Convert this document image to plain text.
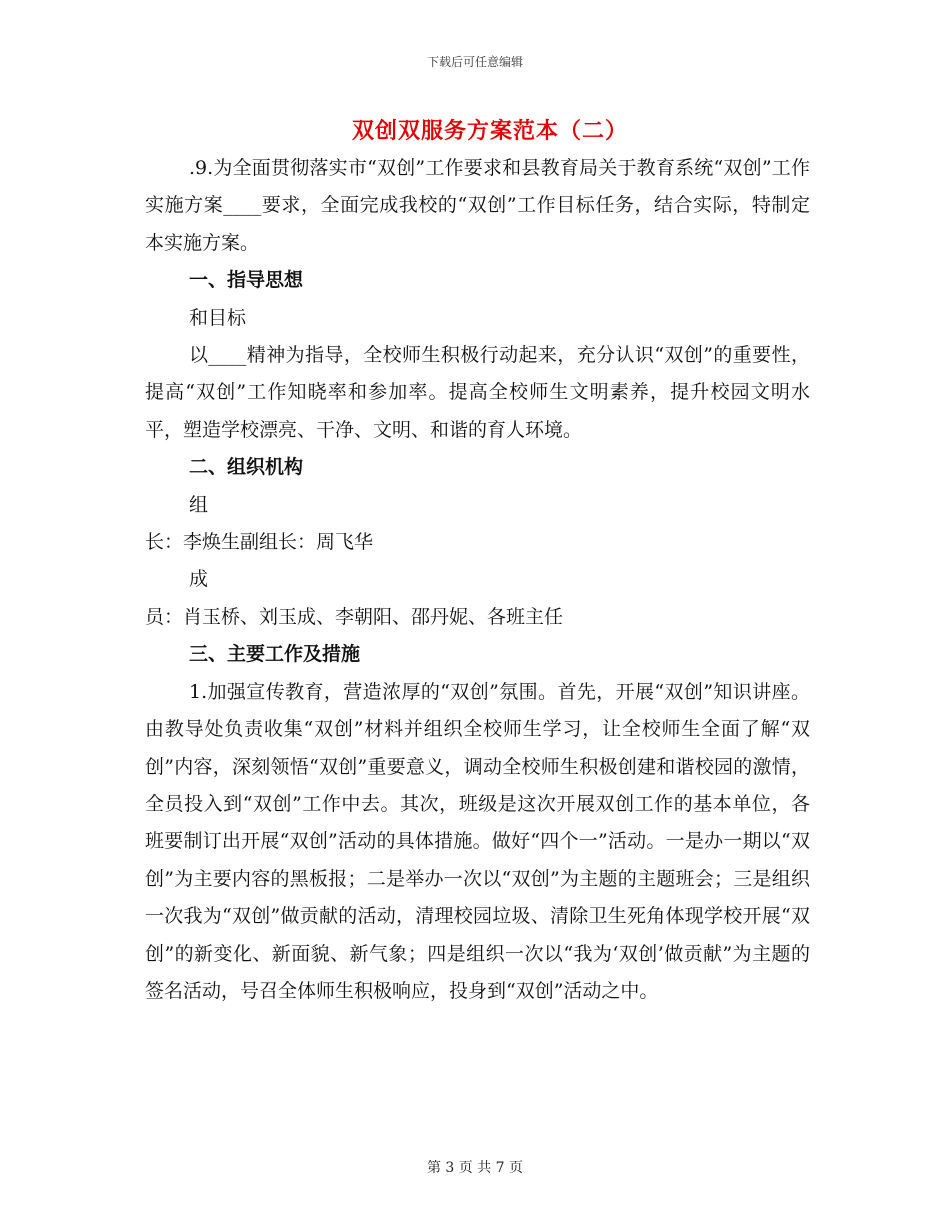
下载后可任意编辑
双创双服务方案范本（二）

.9.为全面贯彻落实市“双创”工作要求和县教育局关于教育系统“双创”工作实施方案____要求，全面完成我校的“双创”工作目标任务，结合实际，特制定本实施方案。

一、指导思想

和目标

以____精神为指导，全校师生积极行动起来，充分认识“双创”的重要性，提高“双创”工作知晓率和参加率。提高全校师生文明素养，提升校园文明水平，塑造学校漂亮、干净、文明、和谐的育人环境。

二、组织机构

组

长：李焕生副组长：周飞华

成

员：肖玉桥、刘玉成、李朝阳、邵丹妮、各班主任

三、主要工作及措施

1.加强宣传教育，营造浓厚的“双创”氛围。首先，开展“双创”知识讲座。由教导处负责收集“双创”材料并组织全校师生学习，让全校师生全面了解“双创”内容，深刻领悟“双创”重要意义，调动全校师生积极创建和谐校园的激情，全员投入到“双创”工作中去。其次，班级是这次开展双创工作的基本单位，各班要制订出开展“双创”活动的具体措施。做好“四个一”活动。一是办一期以“双创”为主要内容的黑板报；二是举办一次以“双创”为主题的主题班会；三是组织一次我为“双创”做贡献的活动，清理校园垃圾、清除卫生死角体现学校开展“双创”的新变化、新面貌、新气象；四是组织一次以“我为‘双创’做贡献”为主题的签名活动，号召全体师生积极响应，投身到“双创”活动之中。

第 3 页 共 7 页
